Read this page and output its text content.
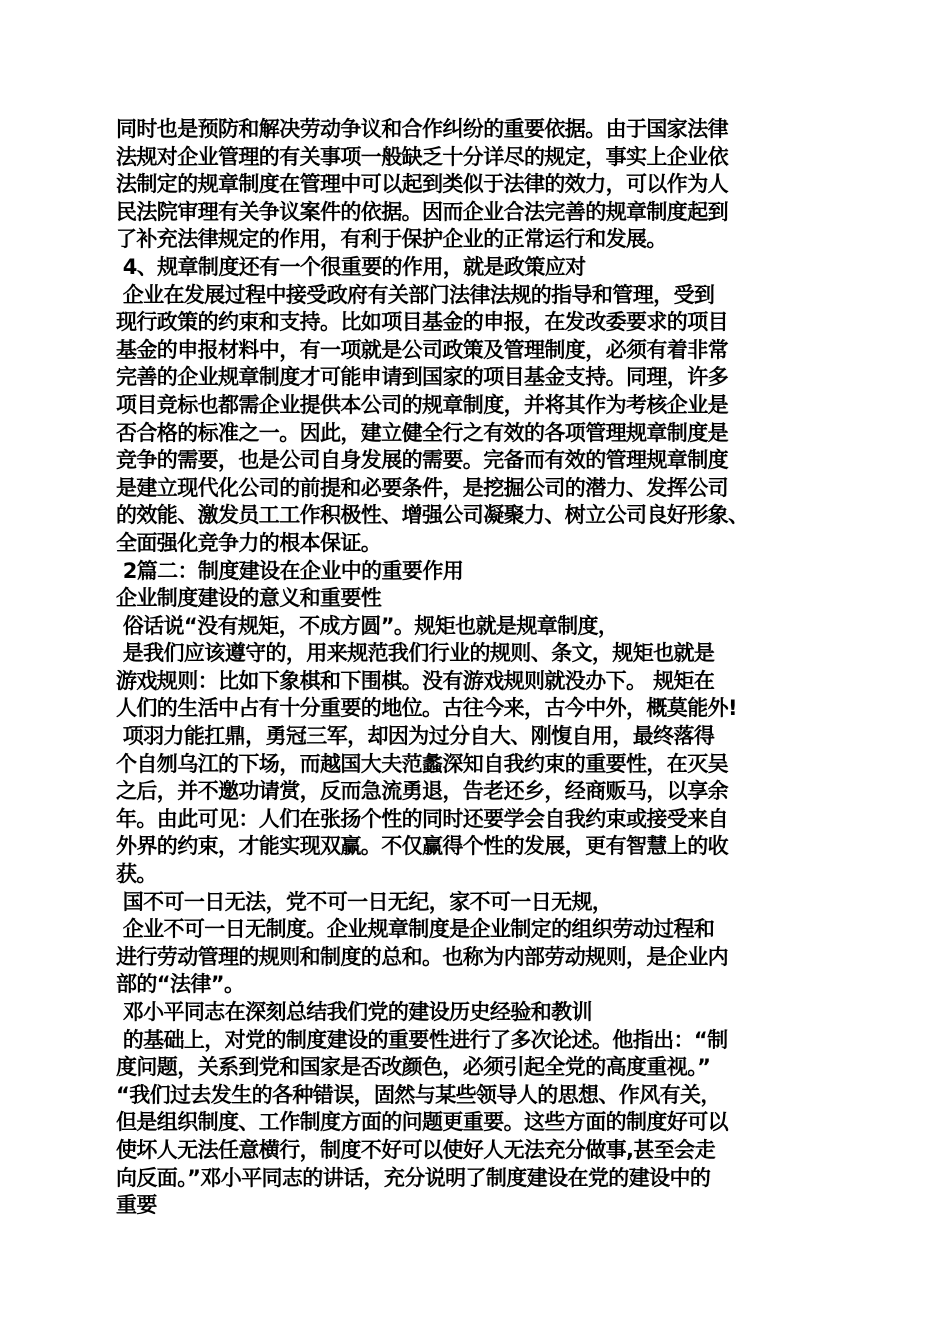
同时也是预防和解决劳动争议和合作纠纷的重要依据。由于国家法律
法规对企业管理的有关事项一般缺乏十分详尽的规定，事实上企业依
法制定的规章制度在管理中可以起到类似于法律的效力，可以作为人
民法院审理有关争议案件的依据。因而企业合法完善的规章制度起到
了补充法律规定的作用，有利于保护企业的正常运行和发展。
4、规章制度还有一个很重要的作用，就是政策应对
企业在发展过程中接受政府有关部门法律法规的指导和管理，受到
现行政策的约束和支持。比如项目基金的申报，在发改委要求的项目
基金的申报材料中，有一项就是公司政策及管理制度，必须有着非常
完善的企业规章制度才可能申请到国家的项目基金支持。同理，许多
项目竞标也都需企业提供本公司的规章制度，并将其作为考核企业是
否合格的标准之一。因此，建立健全行之有效的各项管理规章制度是
竞争的需要，也是公司自身发展的需要。完备而有效的管理规章制度
是建立现代化公司的前提和必要条件，是挖掘公司的潜力、发挥公司
的效能、激发员工工作积极性、增强公司凝聚力、树立公司良好形象、
全面强化竞争力的根本保证。
2篇二：制度建设在企业中的重要作用
企业制度建设的意义和重要性
俗话说“没有规矩，不成方圆”。规矩也就是规章制度，
是我们应该遵守的，用来规范我们行业的规则、条文，规矩也就是
游戏规则：比如下象棋和下围棋。没有游戏规则就没办下。 规矩在
人们的生活中占有十分重要的地位。古往今来，古今中外，概莫能外!
项羽力能扛鼎，勇冠三军，却因为过分自大、刚愎自用，最终落得
个自刎乌江的下场，而越国大夫范蠡深知自我约束的重要性，在灭吴
之后，并不邀功请赏，反而急流勇退，告老还乡，经商贩马，以享余
年。由此可见：人们在张扬个性的同时还要学会自我约束或接受来自
外界的约束，才能实现双赢。不仅赢得个性的发展，更有智慧上的收
获。
国不可一日无法，党不可一日无纪，家不可一日无规，
企业不可一日无制度。企业规章制度是企业制定的组织劳动过程和
进行劳动管理的规则和制度的总和。也称为内部劳动规则，是企业内
部的“法律”。
邓小平同志在深刻总结我们党的建设历史经验和教训
的基础上，对党的制度建设的重要性进行了多次论述。他指出：“制
度问题，关系到党和国家是否改颜色，必须引起全党的高度重视。”
“我们过去发生的各种错误，固然与某些领导人的思想、作风有关，
但是组织制度、工作制度方面的问题更重要。这些方面的制度好可以
使坏人无法任意横行，制度不好可以使好人无法充分做事,甚至会走
向反面。”邓小平同志的讲话，充分说明了制度建设在党的建设中的
重要
